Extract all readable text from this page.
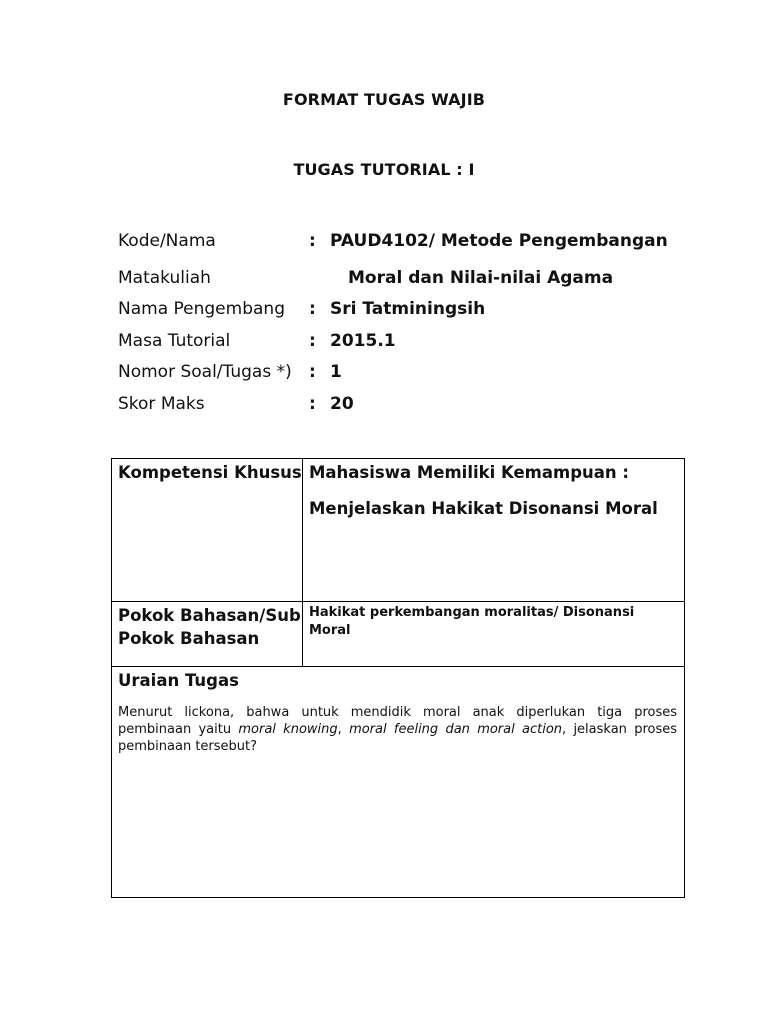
FORMAT TUGAS WAJIB
TUGAS TUTORIAL : I
Kode/Nama	: PAUD4102/ Metode Pengembangan
Matakuliah	Moral dan Nilai-nilai Agama
Nama Pengembang : Sri Tatminingsih
Masa Tutorial	: 2015.1
Nomor Soal/Tugas *) : 1
Skor Maks	: 20
Kompetensi Khusus	Mahasiswa Memiliki Kemampuan :
Menjelaskan Hakikat Disonansi Moral

Pokok Bahasan/Sub
Pokok Bahasan	Hakikat perkembangan moralitas/ Disonansi Moral

Uraian Tugas
Menurut lickona, bahwa untuk mendidik moral anak diperlukan tiga proses pembinaan yaitu moral knowing, moral feeling dan moral action, jelaskan proses pembinaan tersebut?	
